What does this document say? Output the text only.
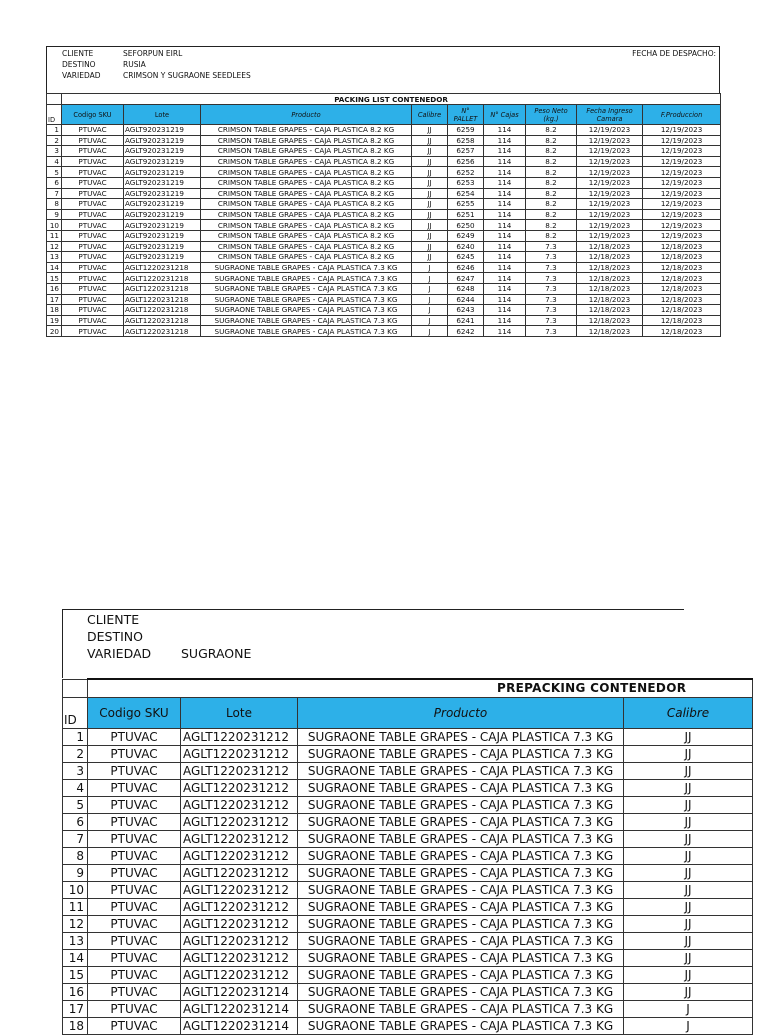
CLIENTE	SEFORPUN EIRL
DESTINO	RUSIA
VARIEDAD	CRIMSON Y SUGRAONE SEEDLEES
FECHA DE DESPACHO:
	PACKING LIST CONTENEDOR								
ID	Codigo SKU	Lote	Producto	Calibre	N° PALLET	N° Cajas	Peso Neto (kg.)	Fecha Ingreso Camara	F.Produccion
1	PTUVAC	AGLT920231219	CRIMSON TABLE GRAPES - CAJA PLASTICA 8.2 KG	JJ	6259	114	8.2	12/19/2023	12/19/2023
2	PTUVAC	AGLT920231219	CRIMSON TABLE GRAPES - CAJA PLASTICA 8.2 KG	JJ	6258	114	8.2	12/19/2023	12/19/2023
3	PTUVAC	AGLT920231219	CRIMSON TABLE GRAPES - CAJA PLASTICA 8.2 KG	JJ	6257	114	8.2	12/19/2023	12/19/2023
4	PTUVAC	AGLT920231219	CRIMSON TABLE GRAPES - CAJA PLASTICA 8.2 KG	JJ	6256	114	8.2	12/19/2023	12/19/2023
5	PTUVAC	AGLT920231219	CRIMSON TABLE GRAPES - CAJA PLASTICA 8.2 KG	JJ	6252	114	8.2	12/19/2023	12/19/2023
6	PTUVAC	AGLT920231219	CRIMSON TABLE GRAPES - CAJA PLASTICA 8.2 KG	JJ	6253	114	8.2	12/19/2023	12/19/2023
7	PTUVAC	AGLT920231219	CRIMSON TABLE GRAPES - CAJA PLASTICA 8.2 KG	JJ	6254	114	8.2	12/19/2023	12/19/2023
8	PTUVAC	AGLT920231219	CRIMSON TABLE GRAPES - CAJA PLASTICA 8.2 KG	JJ	6255	114	8.2	12/19/2023	12/19/2023
9	PTUVAC	AGLT920231219	CRIMSON TABLE GRAPES - CAJA PLASTICA 8.2 KG	JJ	6251	114	8.2	12/19/2023	12/19/2023
10	PTUVAC	AGLT920231219	CRIMSON TABLE GRAPES - CAJA PLASTICA 8.2 KG	JJ	6250	114	8.2	12/19/2023	12/19/2023
11	PTUVAC	AGLT920231219	CRIMSON TABLE GRAPES - CAJA PLASTICA 8.2 KG	JJ	6249	114	8.2	12/19/2023	12/19/2023
12	PTUVAC	AGLT920231219	CRIMSON TABLE GRAPES - CAJA PLASTICA 8.2 KG	JJ	6240	114	7.3	12/18/2023	12/18/2023
13	PTUVAC	AGLT920231219	CRIMSON TABLE GRAPES - CAJA PLASTICA 8.2 KG	JJ	6245	114	7.3	12/18/2023	12/18/2023
14	PTUVAC	AGLT1220231218	SUGRAONE TABLE GRAPES - CAJA PLASTICA 7.3 KG	J	6246	114	7.3	12/18/2023	12/18/2023
15	PTUVAC	AGLT1220231218	SUGRAONE TABLE GRAPES - CAJA PLASTICA 7.3 KG	J	6247	114	7.3	12/18/2023	12/18/2023
16	PTUVAC	AGLT1220231218	SUGRAONE TABLE GRAPES - CAJA PLASTICA 7.3 KG	J	6248	114	7.3	12/18/2023	12/18/2023
17	PTUVAC	AGLT1220231218	SUGRAONE TABLE GRAPES - CAJA PLASTICA 7.3 KG	J	6244	114	7.3	12/18/2023	12/18/2023
18	PTUVAC	AGLT1220231218	SUGRAONE TABLE GRAPES - CAJA PLASTICA 7.3 KG	J	6243	114	7.3	12/18/2023	12/18/2023
19	PTUVAC	AGLT1220231218	SUGRAONE TABLE GRAPES - CAJA PLASTICA 7.3 KG	J	6241	114	7.3	12/18/2023	12/18/2023
20	PTUVAC	AGLT1220231218	SUGRAONE TABLE GRAPES - CAJA PLASTICA 7.3 KG	J	6242	114	7.3	12/18/2023	12/18/2023
CLIENTE
DESTINO
VARIEDAD SUGRAONE
	PREPACKING CONTENEDOR			
ID	Codigo SKU	Lote	Producto	Calibre
1	PTUVAC	AGLT1220231212	SUGRAONE TABLE GRAPES - CAJA PLASTICA 7.3 KG	JJ
2	PTUVAC	AGLT1220231212	SUGRAONE TABLE GRAPES - CAJA PLASTICA 7.3 KG	JJ
3	PTUVAC	AGLT1220231212	SUGRAONE TABLE GRAPES - CAJA PLASTICA 7.3 KG	JJ
4	PTUVAC	AGLT1220231212	SUGRAONE TABLE GRAPES - CAJA PLASTICA 7.3 KG	JJ
5	PTUVAC	AGLT1220231212	SUGRAONE TABLE GRAPES - CAJA PLASTICA 7.3 KG	JJ
6	PTUVAC	AGLT1220231212	SUGRAONE TABLE GRAPES - CAJA PLASTICA 7.3 KG	JJ
7	PTUVAC	AGLT1220231212	SUGRAONE TABLE GRAPES - CAJA PLASTICA 7.3 KG	JJ
8	PTUVAC	AGLT1220231212	SUGRAONE TABLE GRAPES - CAJA PLASTICA 7.3 KG	JJ
9	PTUVAC	AGLT1220231212	SUGRAONE TABLE GRAPES - CAJA PLASTICA 7.3 KG	JJ
10	PTUVAC	AGLT1220231212	SUGRAONE TABLE GRAPES - CAJA PLASTICA 7.3 KG	JJ
11	PTUVAC	AGLT1220231212	SUGRAONE TABLE GRAPES - CAJA PLASTICA 7.3 KG	JJ
12	PTUVAC	AGLT1220231212	SUGRAONE TABLE GRAPES - CAJA PLASTICA 7.3 KG	JJ
13	PTUVAC	AGLT1220231212	SUGRAONE TABLE GRAPES - CAJA PLASTICA 7.3 KG	JJ
14	PTUVAC	AGLT1220231212	SUGRAONE TABLE GRAPES - CAJA PLASTICA 7.3 KG	JJ
15	PTUVAC	AGLT1220231212	SUGRAONE TABLE GRAPES - CAJA PLASTICA 7.3 KG	JJ
16	PTUVAC	AGLT1220231214	SUGRAONE TABLE GRAPES - CAJA PLASTICA 7.3 KG	JJ
17	PTUVAC	AGLT1220231214	SUGRAONE TABLE GRAPES - CAJA PLASTICA 7.3 KG	J
18	PTUVAC	AGLT1220231214	SUGRAONE TABLE GRAPES - CAJA PLASTICA 7.3 KG	J
